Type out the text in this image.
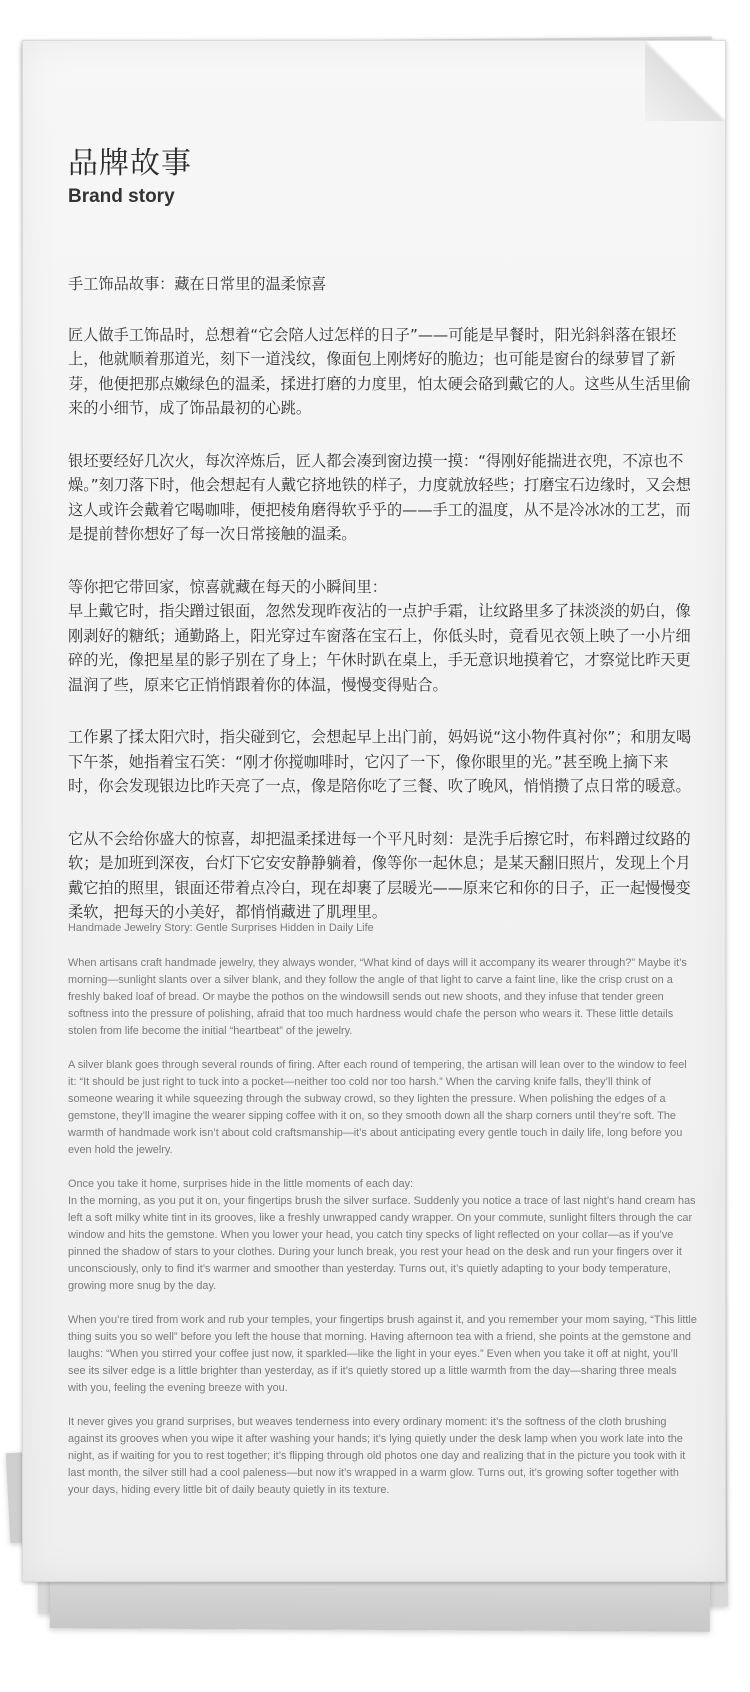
品牌故事
Brand story

手工饰品故事：藏在日常里的温柔惊喜

匠人做手工饰品时，总想着“它会陪人过怎样的日子”——可能是早餐时，阳光斜斜落在银坯上，他就顺着那道光，刻下一道浅纹，像面包上刚烤好的脆边；也可能是窗台的绿萝冒了新芽，他便把那点嫩绿色的温柔，揉进打磨的力度里，怕太硬会硌到戴它的人。这些从生活里偷来的小细节，成了饰品最初的心跳。

银坯要经好几次火，每次淬炼后，匠人都会凑到窗边摸一摸：“得刚好能揣进衣兜，不凉也不燥。”刻刀落下时，他会想起有人戴它挤地铁的样子，力度就放轻些；打磨宝石边缘时，又会想这人或许会戴着它喝咖啡，便把棱角磨得软乎乎的——手工的温度，从不是冷冰冰的工艺，而是提前替你想好了每一次日常接触的温柔。

等你把它带回家，惊喜就藏在每天的小瞬间里：
早上戴它时，指尖蹭过银面，忽然发现昨夜沾的一点护手霜，让纹路里多了抹淡淡的奶白，像刚剥好的糖纸；通勤路上，阳光穿过车窗落在宝石上，你低头时，竟看见衣领上映了一小片细碎的光，像把星星的影子别在了身上；午休时趴在桌上，手无意识地摸着它，才察觉比昨天更温润了些，原来它正悄悄跟着你的体温，慢慢变得贴合。

工作累了揉太阳穴时，指尖碰到它，会想起早上出门前，妈妈说“这小物件真衬你”；和朋友喝下午茶，她指着宝石笑：“刚才你搅咖啡时，它闪了一下，像你眼里的光。”甚至晚上摘下来时，你会发现银边比昨天亮了一点，像是陪你吃了三餐、吹了晚风，悄悄攒了点日常的暖意。

它从不会给你盛大的惊喜，却把温柔揉进每一个平凡时刻：是洗手后擦它时，布料蹭过纹路的软；是加班到深夜，台灯下它安安静静躺着，像等你一起休息；是某天翻旧照片，发现上个月戴它拍的照里，银面还带着点冷白，现在却裹了层暖光——原来它和你的日子，正一起慢慢变柔软，把每天的小美好，都悄悄藏进了肌理里。

Handmade Jewelry Story: Gentle Surprises Hidden in Daily Life

When artisans craft handmade jewelry, they always wonder, “What kind of days will it accompany its wearer through?” Maybe it’s morning—sunlight slants over a silver blank, and they follow the angle of that light to carve a faint line, like the crisp crust on a freshly baked loaf of bread. Or maybe the pothos on the windowsill sends out new shoots, and they infuse that tender green softness into the pressure of polishing, afraid that too much hardness would chafe the person who wears it. These little details stolen from life become the initial “heartbeat” of the jewelry.

A silver blank goes through several rounds of firing. After each round of tempering, the artisan will lean over to the window to feel it: “It should be just right to tuck into a pocket—neither too cold nor too harsh.” When the carving knife falls, they’ll think of someone wearing it while squeezing through the subway crowd, so they lighten the pressure. When polishing the edges of a gemstone, they’ll imagine the wearer sipping coffee with it on, so they smooth down all the sharp corners until they’re soft. The warmth of handmade work isn’t about cold craftsmanship—it’s about anticipating every gentle touch in daily life, long before you even hold the jewelry.

Once you take it home, surprises hide in the little moments of each day:
In the morning, as you put it on, your fingertips brush the silver surface. Suddenly you notice a trace of last night’s hand cream has left a soft milky white tint in its grooves, like a freshly unwrapped candy wrapper. On your commute, sunlight filters through the car window and hits the gemstone. When you lower your head, you catch tiny specks of light reflected on your collar—as if you’ve pinned the shadow of stars to your clothes. During your lunch break, you rest your head on the desk and run your fingers over it unconsciously, only to find it’s warmer and smoother than yesterday. Turns out, it’s quietly adapting to your body temperature, growing more snug by the day.

When you’re tired from work and rub your temples, your fingertips brush against it, and you remember your mom saying, “This little thing suits you so well” before you left the house that morning. Having afternoon tea with a friend, she points at the gemstone and laughs: “When you stirred your coffee just now, it sparkled—like the light in your eyes.” Even when you take it off at night, you’ll see its silver edge is a little brighter than yesterday, as if it’s quietly stored up a little warmth from the day—sharing three meals with you, feeling the evening breeze with you.

It never gives you grand surprises, but weaves tenderness into every ordinary moment: it’s the softness of the cloth brushing against its grooves when you wipe it after washing your hands; it’s lying quietly under the desk lamp when you work late into the night, as if waiting for you to rest together; it’s flipping through old photos one day and realizing that in the picture you took with it last month, the silver still had a cool paleness—but now it’s wrapped in a warm glow. Turns out, it’s growing softer together with your days, hiding every little bit of daily beauty quietly in its texture.
